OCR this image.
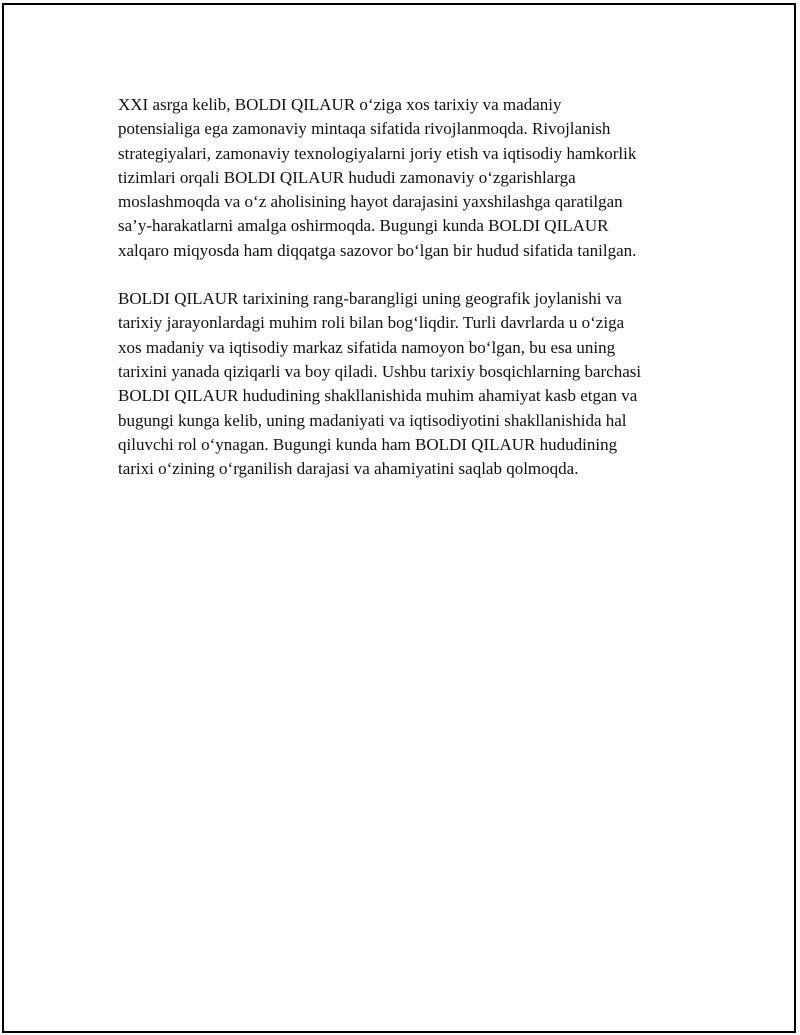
XXI asrga kelib, BOLDI QILAUR o‘ziga xos tarixiy va madaniy
potensialiga ega zamonaviy mintaqa sifatida rivojlanmoqda. Rivojlanish
strategiyalari, zamonaviy texnologiyalarni joriy etish va iqtisodiy hamkorlik
tizimlari orqali BOLDI QILAUR hududi zamonaviy o‘zgarishlarga
moslashmoqda va o‘z aholisining hayot darajasini yaxshilashga qaratilgan
sa’y-harakatlarni amalga oshirmoqda. Bugungi kunda BOLDI QILAUR
xalqaro miqyosda ham diqqatga sazovor bo‘lgan bir hudud sifatida tanilgan.

BOLDI QILAUR tarixining rang-barangligi uning geografik joylanishi va
tarixiy jarayonlardagi muhim roli bilan bog‘liqdir. Turli davrlarda u o‘ziga
xos madaniy va iqtisodiy markaz sifatida namoyon bo‘lgan, bu esa uning
tarixini yanada qiziqarli va boy qiladi. Ushbu tarixiy bosqichlarning barchasi
BOLDI QILAUR hududining shakllanishida muhim ahamiyat kasb etgan va
bugungi kunga kelib, uning madaniyati va iqtisodiyotini shakllanishida hal
qiluvchi rol o‘ynagan. Bugungi kunda ham BOLDI QILAUR hududining
tarixi o‘zining o‘rganilish darajasi va ahamiyatini saqlab qolmoqda.
